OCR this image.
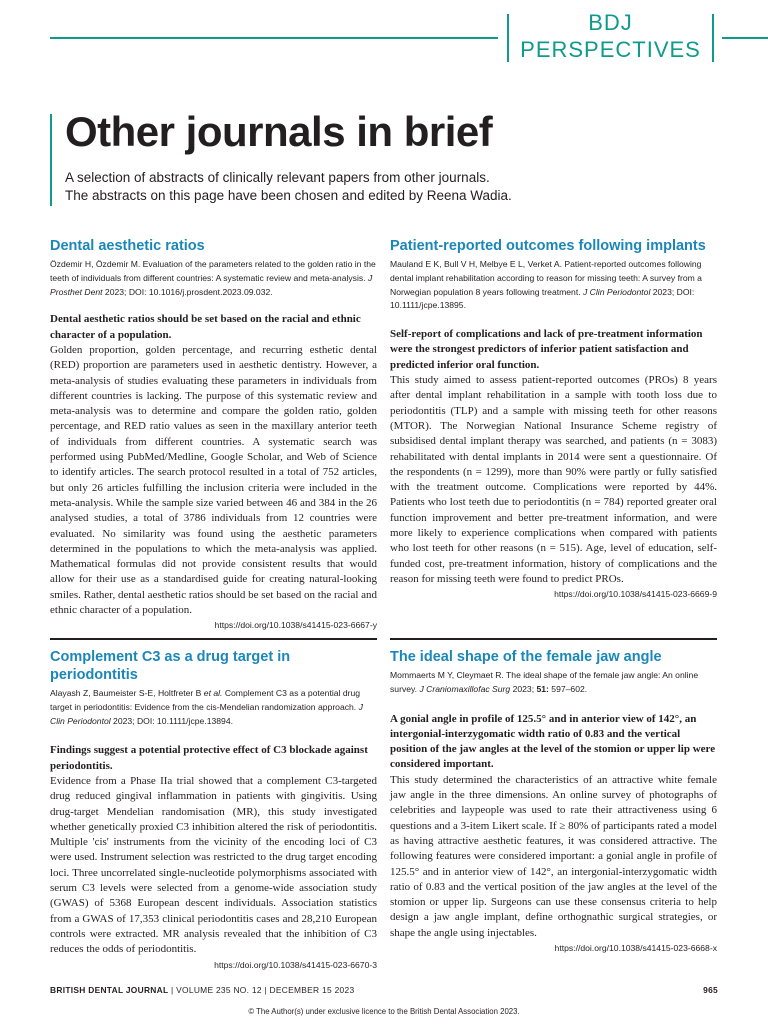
BDJ
PERSPECTIVES
Other journals in brief

A selection of abstracts of clinically relevant papers from other journals.
The abstracts on this page have been chosen and edited by Reena Wadia.

Dental aesthetic ratios

Özdemir H, Özdemir M. Evaluation of the parameters related to the golden ratio in the teeth of individuals from different countries: A systematic review and meta-analysis. J Prosthet Dent 2023; DOI: 10.1016/j.prosdent.2023.09.032.

Dental aesthetic ratios should be set based on the racial and ethnic character of a population.

Golden proportion, golden percentage, and recurring esthetic dental (RED) proportion are parameters used in aesthetic dentistry. However, a meta-analysis of studies evaluating these parameters in individuals from different countries is lacking. The purpose of this systematic review and meta-analysis was to determine and compare the golden ratio, golden percentage, and RED ratio values as seen in the maxillary anterior teeth of individuals from different countries. A systematic search was performed using PubMed/Medline, Google Scholar, and Web of Science to identify articles. The search protocol resulted in a total of 752 articles, but only 26 articles fulfilling the inclusion criteria were included in the meta-analysis. While the sample size varied between 46 and 384 in the 26 analysed studies, a total of 3786 individuals from 12 countries were evaluated. No similarity was found using the aesthetic parameters determined in the populations to which the meta-analysis was applied. Mathematical formulas did not provide consistent results that would allow for their use as a standardised guide for creating natural-looking smiles. Rather, dental aesthetic ratios should be set based on the racial and ethnic character of a population.

https://doi.org/10.1038/s41415-023-6667-y

Patient-reported outcomes following implants

Mauland E K, Bull V H, Melbye E L, Verket A. Patient-reported outcomes following dental implant rehabilitation according to reason for missing teeth: A survey from a Norwegian population 8 years following treatment. J Clin Periodontol 2023; DOI: 10.1111/jcpe.13895.

Self-report of complications and lack of pre-treatment information were the strongest predictors of inferior patient satisfaction and predicted inferior oral function.

This study aimed to assess patient-reported outcomes (PROs) 8 years after dental implant rehabilitation in a sample with tooth loss due to periodontitis (TLP) and a sample with missing teeth for other reasons (MTOR). The Norwegian National Insurance Scheme registry of subsidised dental implant therapy was searched, and patients (n = 3083) rehabilitated with dental implants in 2014 were sent a questionnaire. Of the respondents (n = 1299), more than 90% were partly or fully satisfied with the treatment outcome. Complications were reported by 44%. Patients who lost teeth due to periodontitis (n = 784) reported greater oral function improvement and better pre-treatment information, and were more likely to experience complications when compared with patients who lost teeth for other reasons (n = 515). Age, level of education, self-funded cost, pre-treatment information, history of complications and the reason for missing teeth were found to predict PROs.

https://doi.org/10.1038/s41415-023-6669-9

Complement C3 as a drug target in periodontitis

Alayash Z, Baumeister S-E, Holtfreter B et al. Complement C3 as a potential drug target in periodontitis: Evidence from the cis-Mendelian randomization approach. J Clin Periodontol 2023; DOI: 10.1111/jcpe.13894.

Findings suggest a potential protective effect of C3 blockade against periodontitis.

Evidence from a Phase IIa trial showed that a complement C3-targeted drug reduced gingival inflammation in patients with gingivitis. Using drug-target Mendelian randomisation (MR), this study investigated whether genetically proxied C3 inhibition altered the risk of periodontitis. Multiple 'cis' instruments from the vicinity of the encoding loci of C3 were used. Instrument selection was restricted to the drug target encoding loci. Three uncorrelated single-nucleotide polymorphisms associated with serum C3 levels were selected from a genome-wide association study (GWAS) of 5368 European descent individuals. Association statistics from a GWAS of 17,353 clinical periodontitis cases and 28,210 European controls were extracted. MR analysis revealed that the inhibition of C3 reduces the odds of periodontitis.

https://doi.org/10.1038/s41415-023-6670-3

The ideal shape of the female jaw angle

Mommaerts M Y, Cleymaet R. The ideal shape of the female jaw angle: An online survey. J Craniomaxillofac Surg 2023; 51: 597–602.

A gonial angle in profile of 125.5° and in anterior view of 142°, an intergonial-interzygomatic width ratio of 0.83 and the vertical position of the jaw angles at the level of the stomion or upper lip were considered important.

This study determined the characteristics of an attractive white female jaw angle in the three dimensions. An online survey of photographs of celebrities and laypeople was used to rate their attractiveness using 6 questions and a 3-item Likert scale. If ≥ 80% of participants rated a model as having attractive aesthetic features, it was considered attractive. The following features were considered important: a gonial angle in profile of 125.5° and in anterior view of 142°, an intergonial-interzygomatic width ratio of 0.83 and the vertical position of the jaw angles at the level of the stomion or upper lip. Surgeons can use these consensus criteria to help design a jaw angle implant, define orthognathic surgical strategies, or shape the angle using injectables.

https://doi.org/10.1038/s41415-023-6668-x

BRITISH DENTAL JOURNAL | VOLUME 235 NO. 12 | DECEMBER 15 2023	965
© The Author(s) under exclusive licence to the British Dental Association 2023.
